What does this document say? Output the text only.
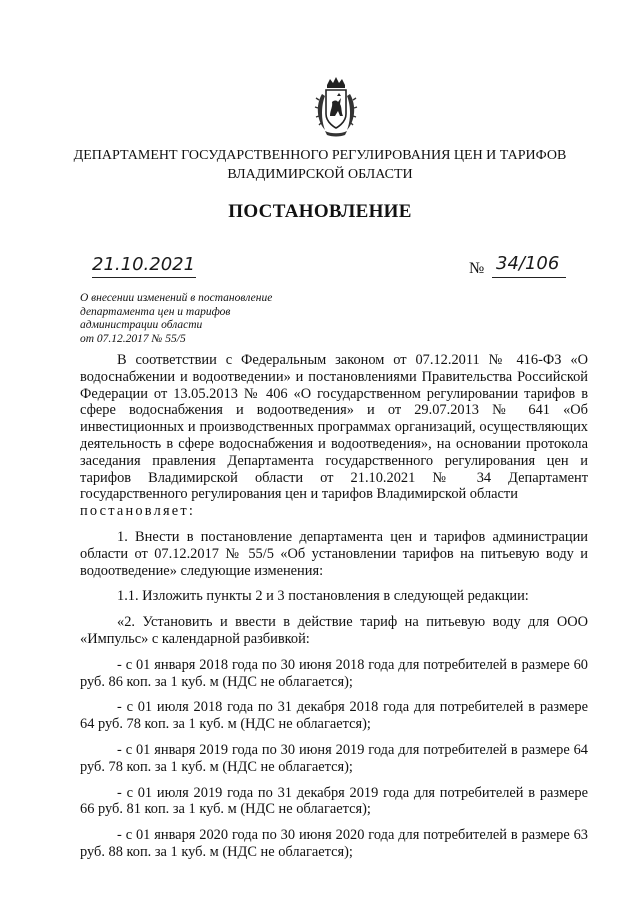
ДЕПАРТАМЕНТ ГОСУДАРСТВЕННОГО РЕГУЛИРОВАНИЯ ЦЕН И ТАРИФОВ
ВЛАДИМИРСКОЙ ОБЛАСТИ
ПОСТАНОВЛЕНИЕ
21.10.2021	№ 34/106
О внесении изменений в постановление
департамента цен и тарифов
администрации области
от 07.12.2017 № 55/5

В соответствии с Федеральным законом от 07.12.2011 № 416-ФЗ «О водоснабжении и водоотведении» и постановлениями Правительства Российской Федерации от 13.05.2013 № 406 «О государственном регулировании тарифов в сфере водоснабжения и водоотведения» и от 29.07.2013 № 641 «Об инвестиционных и производственных программах организаций, осуществляющих деятельность в сфере водоснабжения и водоотведения», на основании протокола заседания правления Департамента государственного регулирования цен и тарифов Владимирской области от 21.10.2021 № 34 Департамент государственного регулирования цен и тарифов Владимирской области

постановляет:

1. Внести в постановление департамента цен и тарифов администрации области от 07.12.2017 № 55/5 «Об установлении тарифов на питьевую воду и водоотведение» следующие изменения:

1.1. Изложить пункты 2 и 3 постановления в следующей редакции:

«2. Установить и ввести в действие тариф на питьевую воду для ООО «Импульс» с календарной разбивкой:

- с 01 января 2018 года по 30 июня 2018 года для потребителей в размере 60 руб. 86 коп. за 1 куб. м (НДС не облагается);

- с 01 июля 2018 года по 31 декабря 2018 года для потребителей в размере 64 руб. 78 коп. за 1 куб. м (НДС не облагается);

- с 01 января 2019 года по 30 июня 2019 года для потребителей в размере 64 руб. 78 коп. за 1 куб. м (НДС не облагается);

- с 01 июля 2019 года по 31 декабря 2019 года для потребителей в размере 66 руб. 81 коп. за 1 куб. м (НДС не облагается);

- с 01 января 2020 года по 30 июня 2020 года для потребителей в размере 63 руб. 88 коп. за 1 куб. м (НДС не облагается);
